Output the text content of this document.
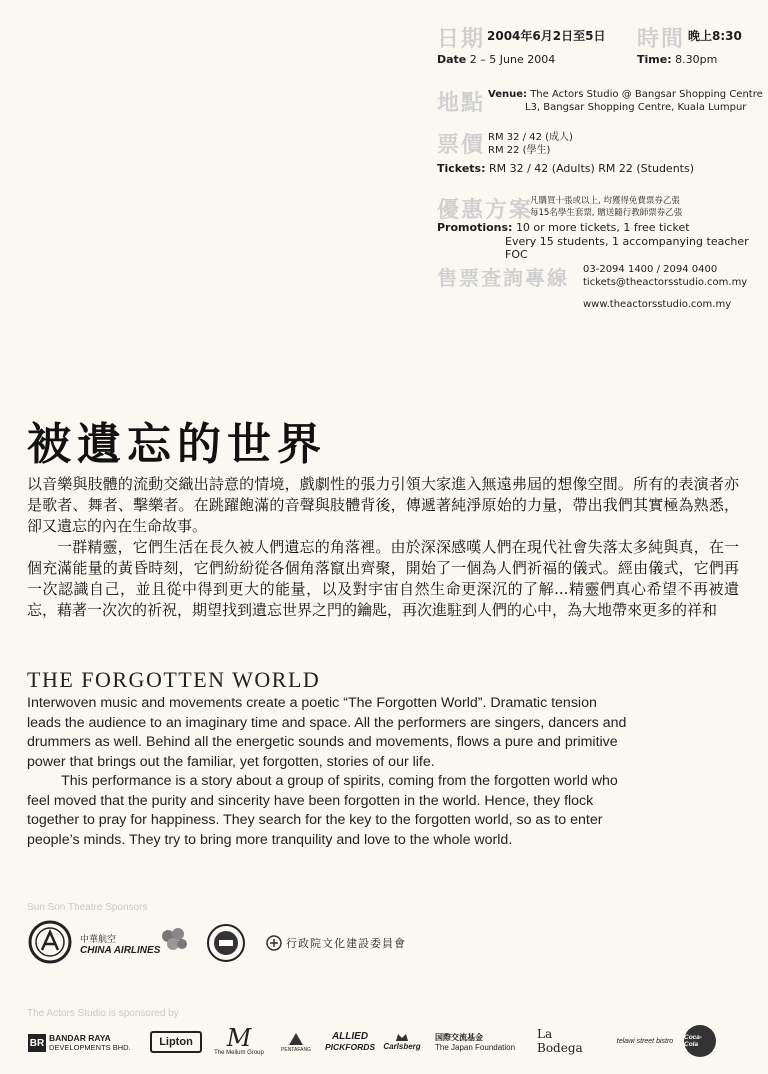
日期 2004年6月2日至5日 時間 晚上8:30
Date 2 – 5 June 2004	Time: 8.30pm
地點 Venue: The Actors Studio @ Bangsar Shopping Centre
L3, Bangsar Shopping Centre, Kuala Lumpur
票價 RM 32 / 42 (成人)
RM 22 (學生)
Tickets: RM 32 / 42 (Adults) RM 22 (Students)
優惠方案
凡購買十張或以上, 均獲得免費票券乙張
每15名學生套票, 贈送隨行教師票券乙張
Promotions: 10 or more tickets, 1 free ticket
Every 15 students, 1 accompanying teacher FOC
售票查詢專線 03-2094 1400 / 2094 0400
tickets@theactorsstudio.com.my
www.theactorsstudio.com.my
被遺忘的世界
以音樂與肢體的流動交織出詩意的情境，戲劇性的張力引領大家進入無遠弗屆的想像空間。所有的表演者亦是歌者、舞者、擊樂者。在跳躍飽滿的音聲與肢體背後，傳遞著純淨原始的力量，帶出我們其實極為熟悉，卻又遺忘的內在生命故事。
一群精靈，它們生活在長久被人們遺忘的角落裡。由於深深感嘆人們在現代社會失落太多純與真，在一個充滿能量的黃昏時刻，它們紛紛從各個角落竄出齊聚，開始了一個為人們祈福的儀式。經由儀式，它們再一次認識自己，並且從中得到更大的能量，以及對宇宙自然生命更深沉的了解...精靈們真心希望不再被遺忘，藉著一次次的祈祝，期望找到遺忘世界之門的鑰匙，再次進駐到人們的心中，為大地帶來更多的祥和
THE FORGOTTEN WORLD
Interwoven music and movements create a poetic “The Forgotten World”. Dramatic tension leads the audience to an imaginary time and space. All the performers are singers, dancers and drummers as well. Behind all the energetic sounds and movements, flows a pure and primitive power that brings out the familiar, yet forgotten, stories of our life.
This performance is a story about a group of spirits, coming from the forgotten world who feel moved that the purity and sincerity have been forgotten in the world. Hence, they flock together to pray for happiness. They search for the key to the forgotten world, so as to enter people’s minds. They try to bring more tranquility and love to the whole world.
Sun Son Theatre Sponsors
中華航空
CHINA AIRLINES
行政院文化建設委員會
The Actors Studio is sponsored by
BR BANDAR RAYA
DEVELOPMENTS BHD.	Lipton	M
The Mellum Group	PENTAFANG
ALLIED
PICKFORDS Carlsberg
国際交流基金
The Japan Foundation
La Bodega	telawi street bistro	Coca-Cola
